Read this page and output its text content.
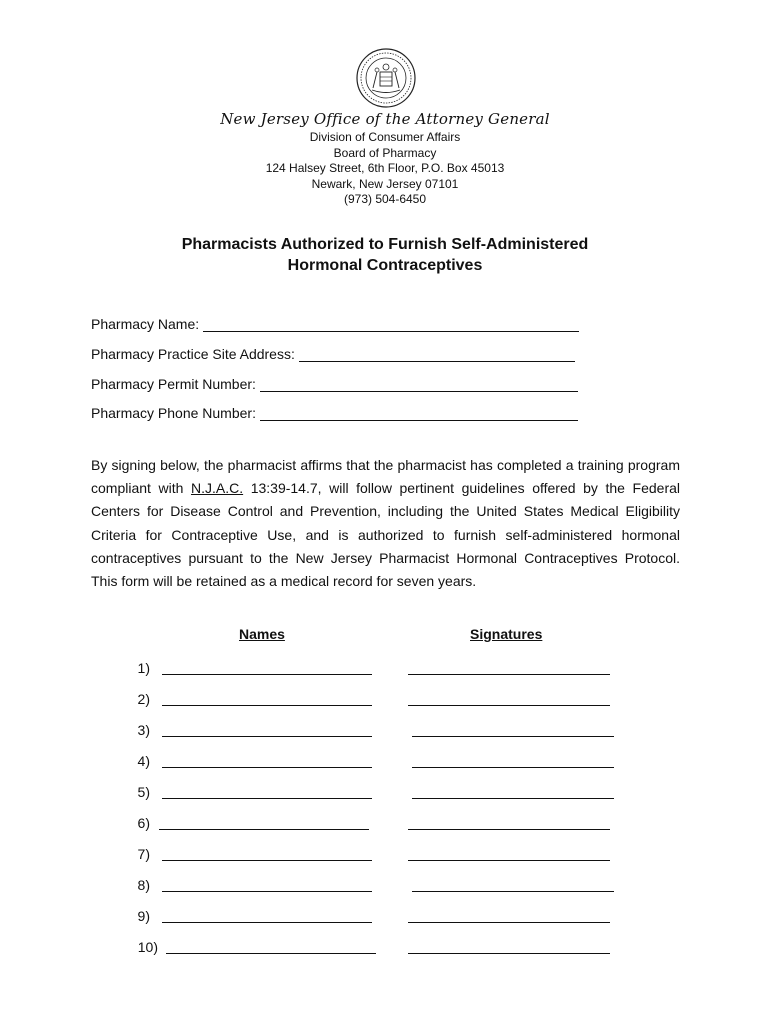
New Jersey Office of the Attorney General
Division of Consumer Affairs
Board of Pharmacy
124 Halsey Street, 6th Floor, P.O. Box 45013
Newark, New Jersey 07101
(973) 504-6450
Pharmacists Authorized to Furnish Self-Administered
Hormonal Contraceptives
Pharmacy Name:
Pharmacy Practice Site Address:
Pharmacy Permit Number:
Pharmacy Phone Number:
By signing below, the pharmacist affirms that the pharmacist has completed a training program compliant with N.J.A.C. 13:39-14.7, will follow pertinent guidelines offered by the Federal Centers for Disease Control and Prevention, including the United States Medical Eligibility Criteria for Contraceptive Use, and is authorized to furnish self-administered hormonal contraceptives pursuant to the New Jersey Pharmacist Hormonal Contraceptives Protocol. This form will be retained as a medical record for seven years.
Names	Signatures
1)
2)
3)
4)
5)
6)
7)
8)
9)
10)
